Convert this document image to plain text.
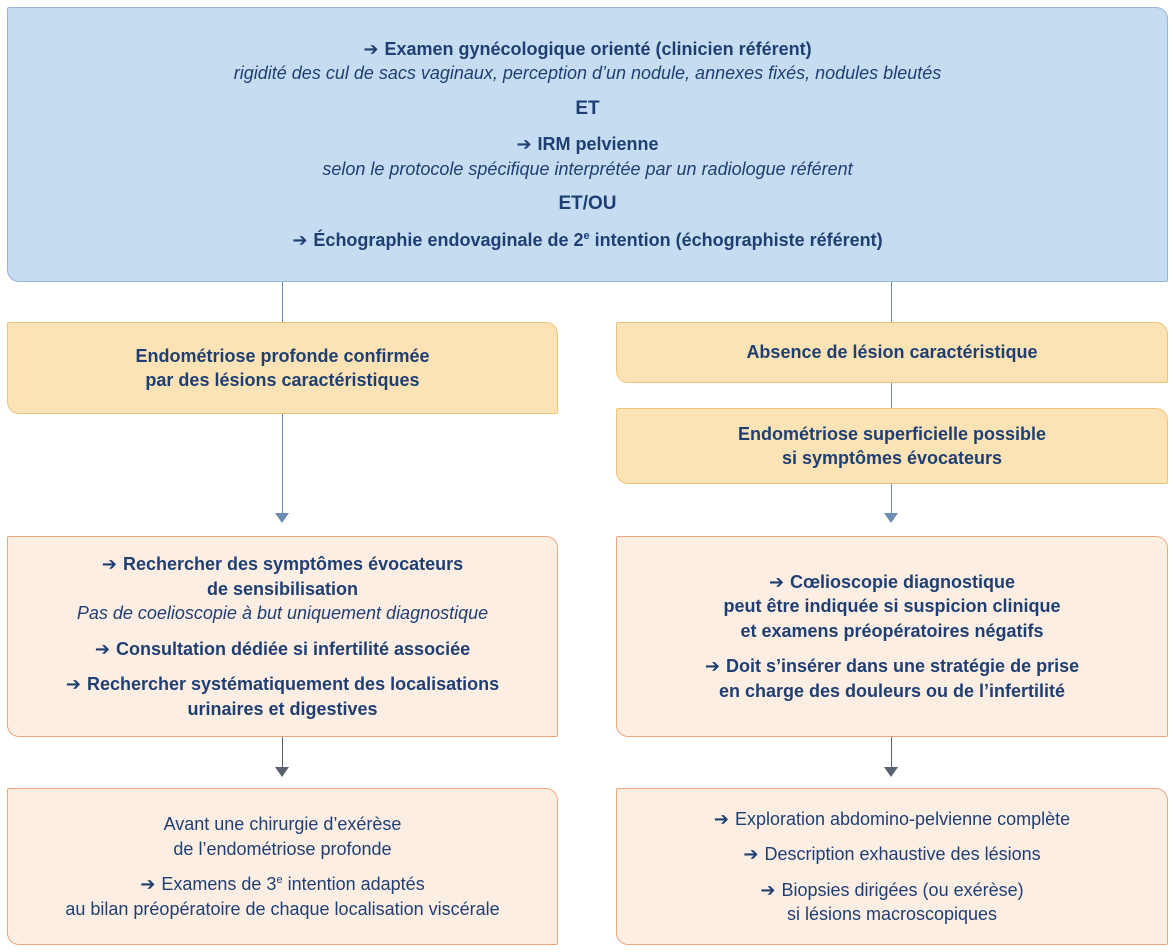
➔ Examen gynécologique orienté (clinicien référent)
rigidité des cul de sacs vaginaux, perception d’un nodule, annexes fixés, nodules bleutés
ET
➔ IRM pelvienne
selon le protocole spécifique interprétée par un radiologue référent
ET/OU
➔ Échographie endovaginale de 2e intention (échographiste référent)
Endométriose profonde confirmée
par des lésions caractéristiques
➔ Rechercher des symptômes évocateurs
de sensibilisation
Pas de coelioscopie à but uniquement diagnostique
➔ Consultation dédiée si infertilité associée
➔ Rechercher systématiquement des localisations
urinaires et digestives
Avant une chirurgie d’exérèse
de l’endométriose profonde
➔ Examens de 3e intention adaptés
au bilan préopératoire de chaque localisation viscérale
Absence de lésion caractéristique
Endométriose superficielle possible
si symptômes évocateurs
➔ Cœlioscopie diagnostique
peut être indiquée si suspicion clinique
et examens préopératoires négatifs
➔ Doit s’insérer dans une stratégie de prise
en charge des douleurs ou de l’infertilité
➔ Exploration abdomino-pelvienne complète
➔ Description exhaustive des lésions
➔ Biopsies dirigées (ou exérèse)
si lésions macroscopiques
